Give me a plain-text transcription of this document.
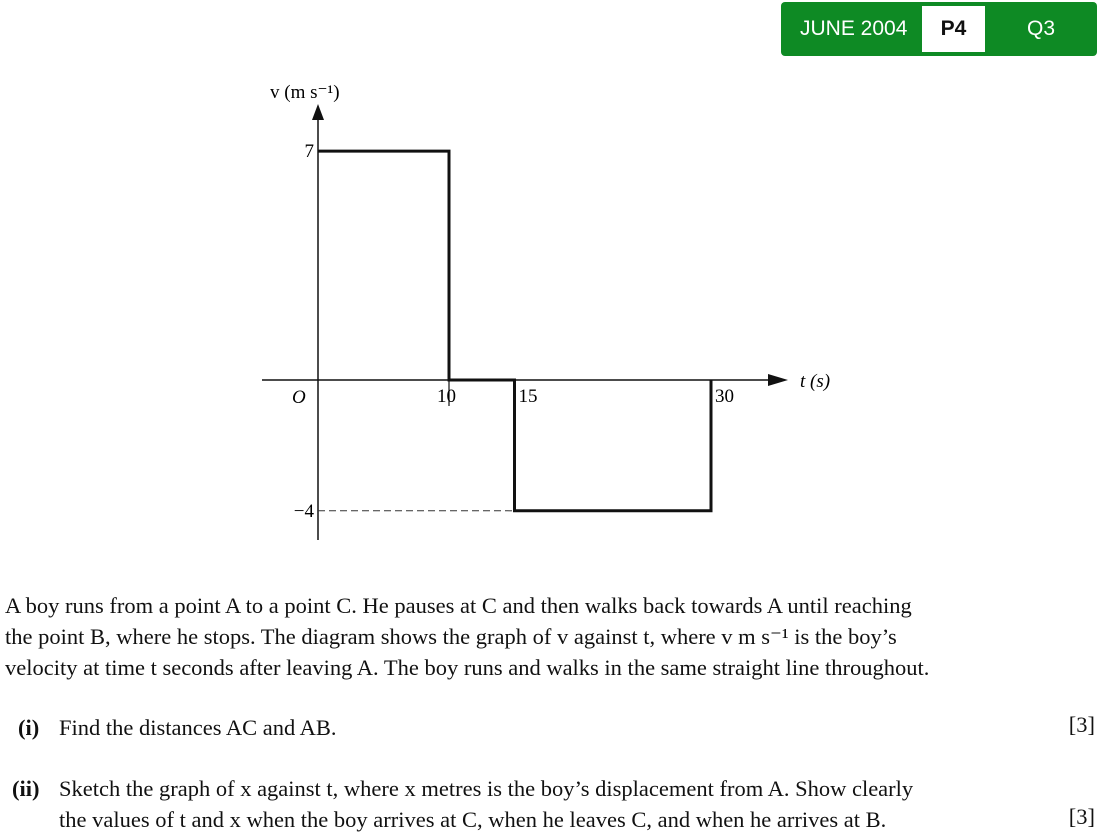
JUNE 2004	P4	Q3
v (m s⁻¹)
t (s)
O	10	15	30
7
−4
A boy runs from a point A to a point C. He pauses at C and then walks back towards A until reaching
the point B, where he stops. The diagram shows the graph of v against t, where v m s⁻¹ is the boy’s
velocity at time t seconds after leaving A. The boy runs and walks in the same straight line throughout.
(i) Find the distances AC and AB.	[3]
(ii) Sketch the graph of x against t, where x metres is the boy’s displacement from A. Show clearly
the values of t and x when the boy arrives at C, when he leaves C, and when he arrives at B.	[3]
